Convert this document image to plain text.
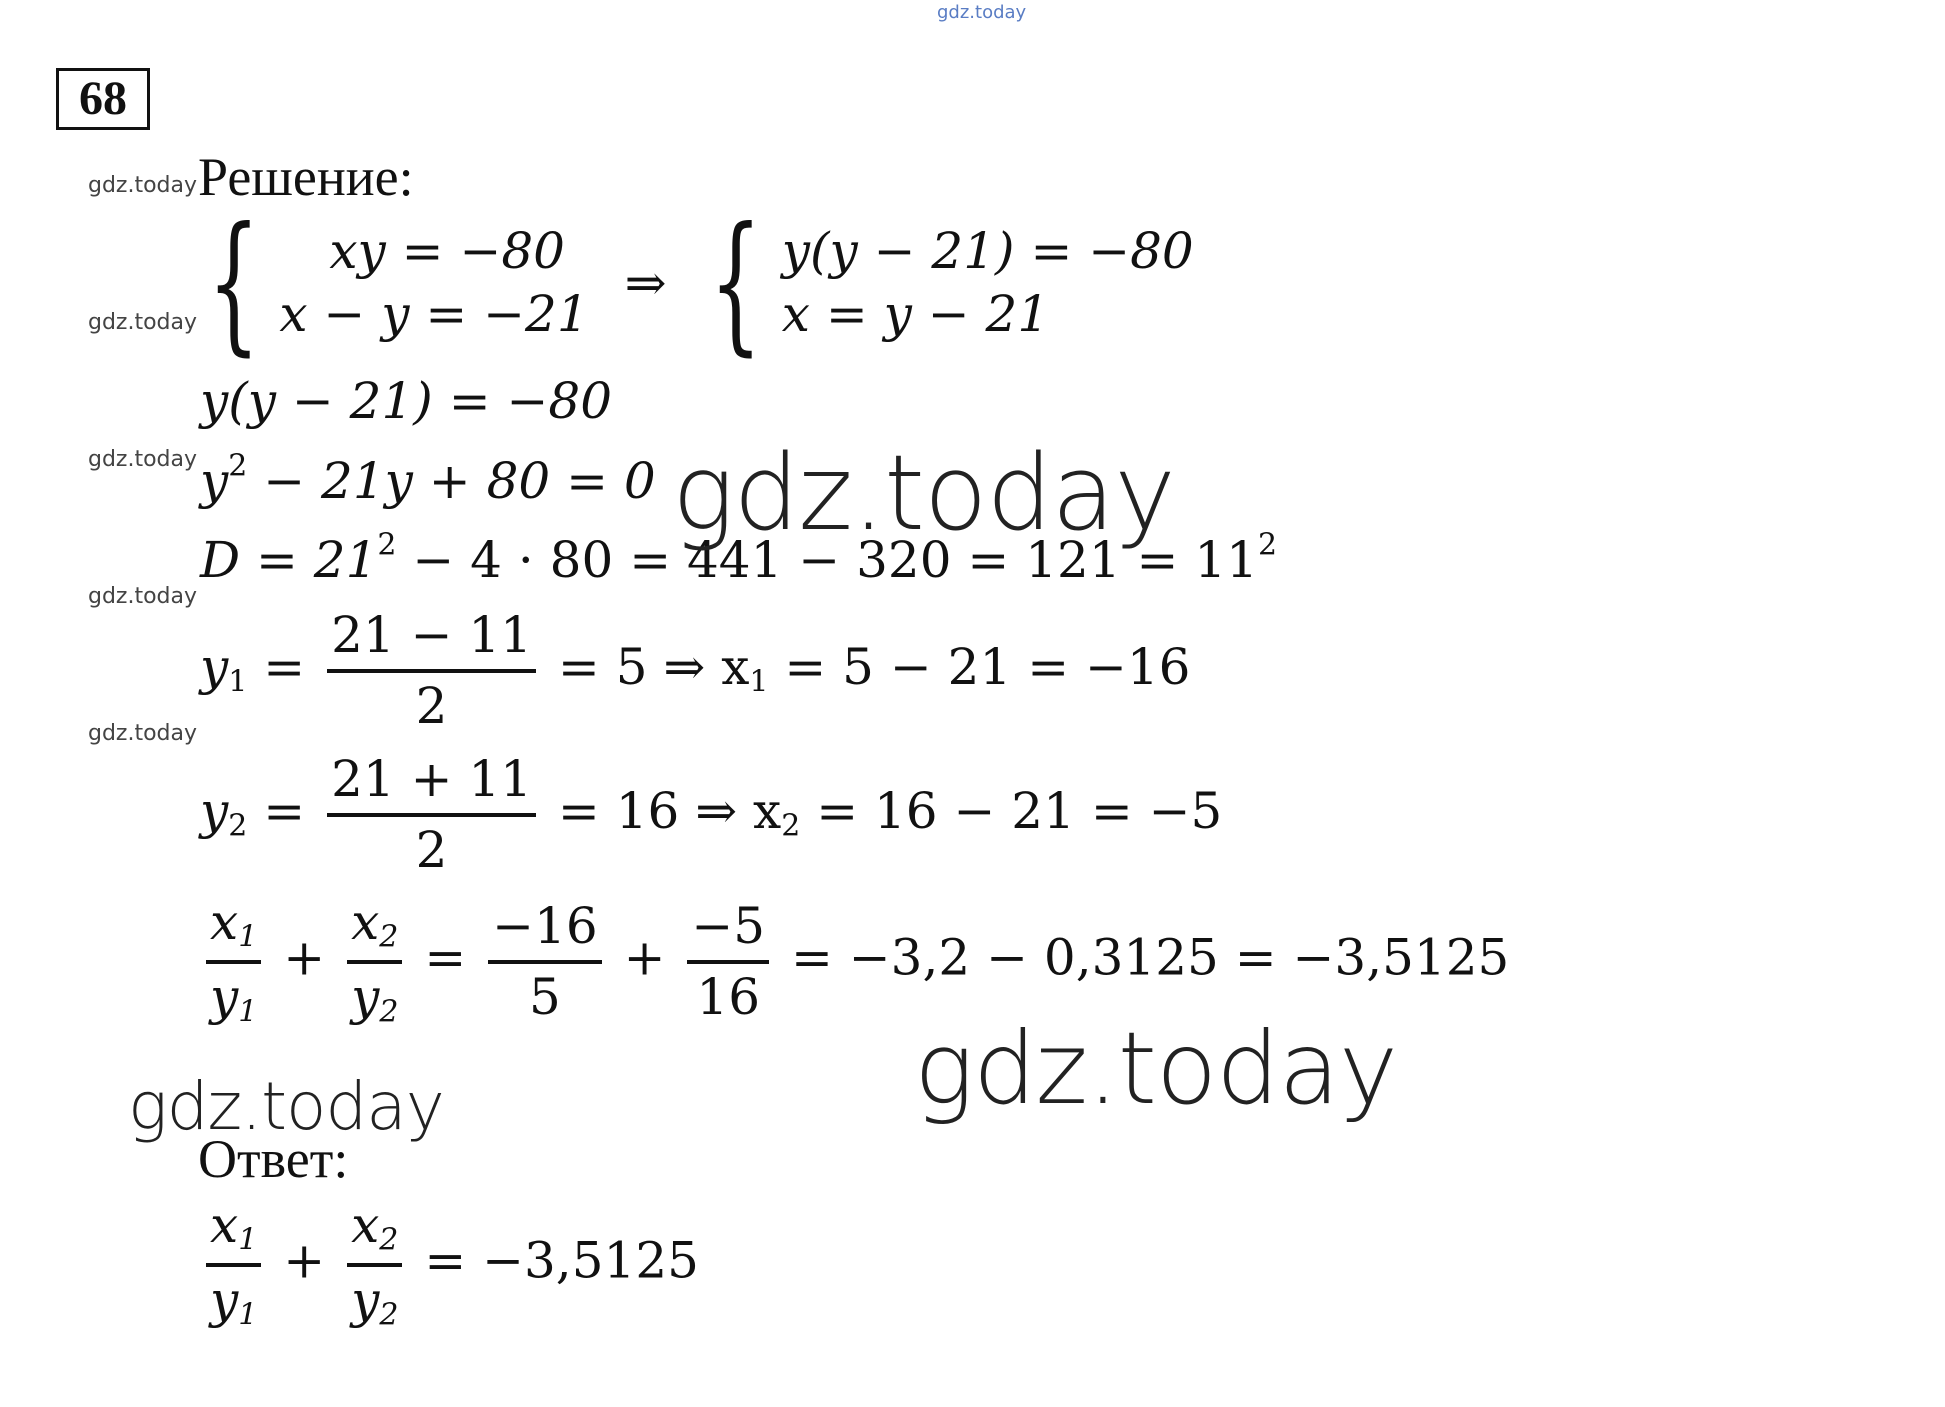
gdz.today
68
gdz.today
gdz.today
gdz.today
gdz.today
gdz.today
Решение:
{	xy = −80
x − y = −21
⇒ { y(y − 21) = −80
x = y − 21
y(y − 21) = −80
$y^2 - 21y + 80 = 0$
$D = 21^2 - 4 \cdot 80 = 441 - 320 = 121 = 11^2$
$y_1 = \frac{21 - 11}{2} = 5$ ⇒ $x_1 = 5 - 21 = -16$
$y_2 = \frac{21 + 11}{2} = 16$ ⇒ $x_2 = 16 - 21 = -5$
$\frac{x_1}{y_1} + \frac{x_2}{y_2} = \frac{-16}{5} + \frac{-5}{16} = -3,2 - 0,3125 = -3,5125$
gdz.today
gdz.today
gdz.today
Ответ:
$\frac{x_1}{y_1} + \frac{x_2}{y_2} = -3,5125$
